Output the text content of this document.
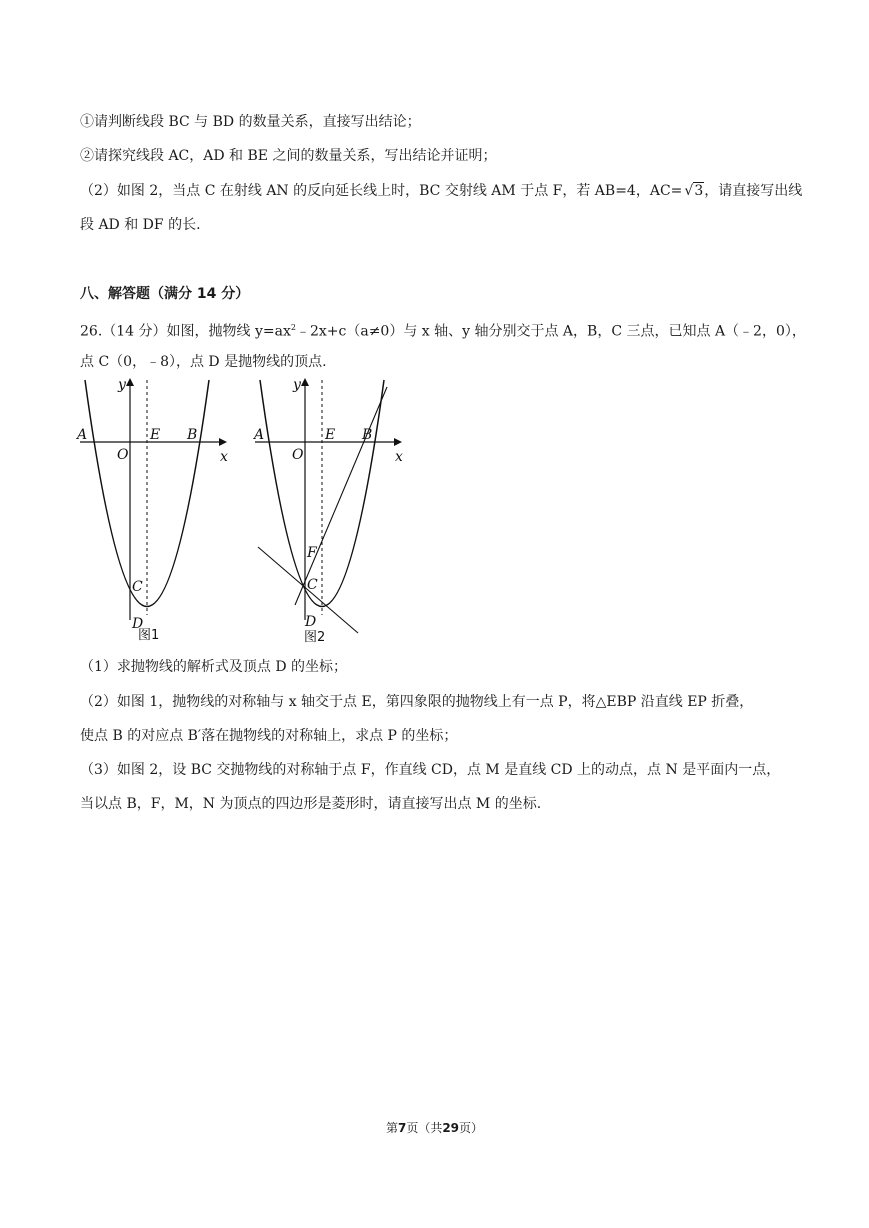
①请判断线段 BC 与 BD 的数量关系，直接写出结论；
②请探究线段 AC，AD 和 BE 之间的数量关系，写出结论并证明；
（2）如图 2，当点 C 在射线 AN 的反向延长线上时，BC 交射线 AM 于点 F，若 AB=4，AC= √3，请直接写出线
段 AD 和 DF 的长.
八、解答题（满分 14 分）
26.（14 分）如图，抛物线 $y=ax^2﹣2x+c(a\ne 0)$与 x 轴、y 轴分别交于点 A，B，C 三点，已知点 A（﹣2，0），
点 C（0，﹣8），点 D 是抛物线的顶点.
y
x
A	E B
O
C
D
图1
y
x
A	E B
O
F
C
D
图2
（1）求抛物线的解析式及顶点 D 的坐标；
（2）如图 1，抛物线的对称轴与 x 轴交于点 E，第四象限的抛物线上有一点 P，将△EBP 沿直线 EP 折叠，
使点 B 的对应点 B′落在抛物线的对称轴上，求点 P 的坐标；
（3）如图 2，设 BC 交抛物线的对称轴于点 F，作直线 CD，点 M 是直线 CD 上的动点，点 N 是平面内一点，
当以点 B，F，M，N 为顶点的四边形是菱形时，请直接写出点 M 的坐标.
第7页（共29页）
